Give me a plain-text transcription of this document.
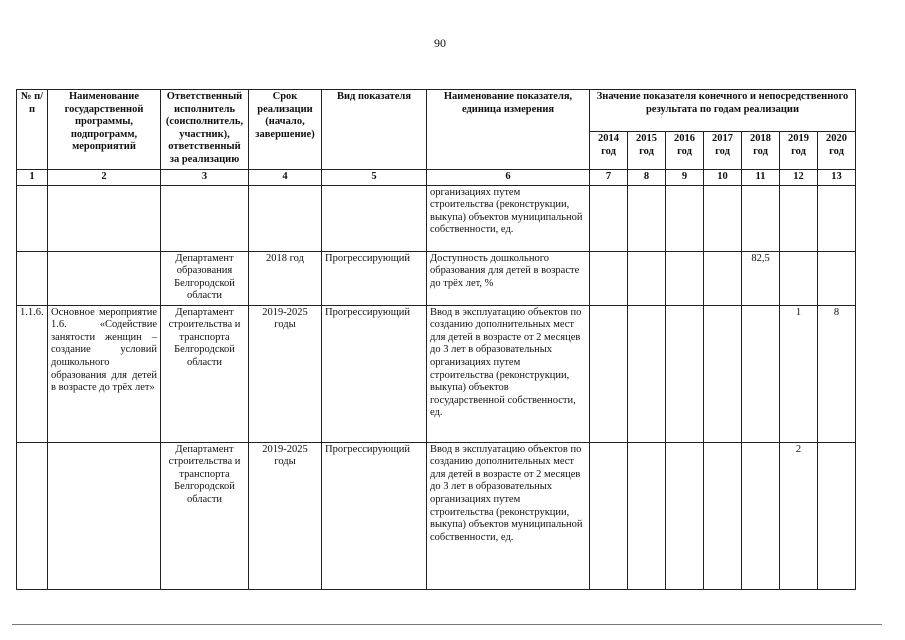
90
№ п/п	Наименование государственной программы, подпрограмм, мероприятий	Ответственный исполнитель (соисполнитель, участник), ответственный за реализацию	Срок реализации (начало, завершение)	Вид показателя	Наименование показателя, единица измерения	Значение показателя конечного и непосредственного результата по годам реализации						
						2014 год	2015 год	2016 год	2017 год	2018 год	2019 год	2020 год
1	2	3	4	5	6	7	8	9	10	11	12	13
					организациях путем строительства (реконструкции, выкупа) объектов муниципальной собственности, ед.							
		Департамент образования Белгородской области	2018 год	Прогрессирующий	Доступность дошкольного образования для детей в возрасте до трёх лет, %					82,5		
1.1.6.	Основное мероприятие 1.6. «Содействие занятости женщин – создание условий дошкольного образования для детей в возрасте до трёх лет»	Департамент строительства и транспорта Белгородской области	2019-2025 годы	Прогрессирующий	Ввод в эксплуатацию объектов по созданию дополнительных мест для детей в возрасте от 2 месяцев до 3 лет в образовательных организациях путем строительства (реконструкции, выкупа) объектов государственной собственности, ед.						1	8
		Департамент строительства и транспорта Белгородской области	2019-2025 годы	Прогрессирующий	Ввод в эксплуатацию объектов по созданию дополнительных мест для детей в возрасте от 2 месяцев до 3 лет в образовательных организациях путем строительства (реконструкции, выкупа) объектов муниципальной собственности, ед.						2	
